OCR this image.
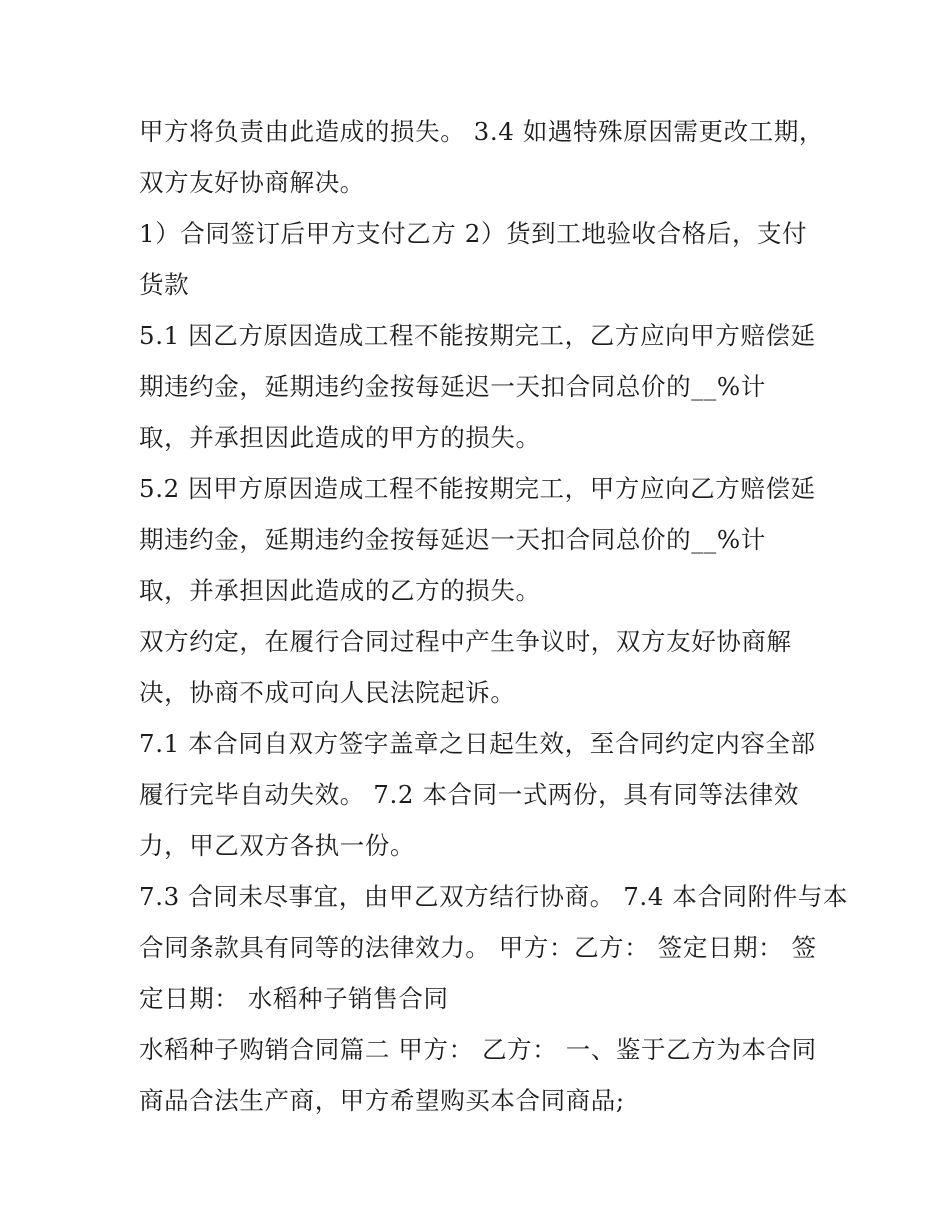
甲方将负责由此造成的损失。 3.4 如遇特殊原因需更改工期，
双方友好协商解决。
1）合同签订后甲方支付乙方 2）货到工地验收合格后，支付
货款
5.1 因乙方原因造成工程不能按期完工，乙方应向甲方赔偿延
期违约金，延期违约金按每延迟一天扣合同总价的__%计
取，并承担因此造成的甲方的损失。
5.2 因甲方原因造成工程不能按期完工，甲方应向乙方赔偿延
期违约金，延期违约金按每延迟一天扣合同总价的__%计
取，并承担因此造成的乙方的损失。
双方约定，在履行合同过程中产生争议时，双方友好协商解
决，协商不成可向人民法院起诉。
7.1 本合同自双方签字盖章之日起生效，至合同约定内容全部
履行完毕自动失效。 7.2 本合同一式两份，具有同等法律效
力，甲乙双方各执一份。
7.3 合同未尽事宜，由甲乙双方结行协商。 7.4 本合同附件与本
合同条款具有同等的法律效力。 甲方：乙方： 签定日期： 签
定日期： 水稻种子销售合同
水稻种子购销合同篇二 甲方： 乙方： 一、鉴于乙方为本合同
商品合法生产商，甲方希望购买本合同商品;
